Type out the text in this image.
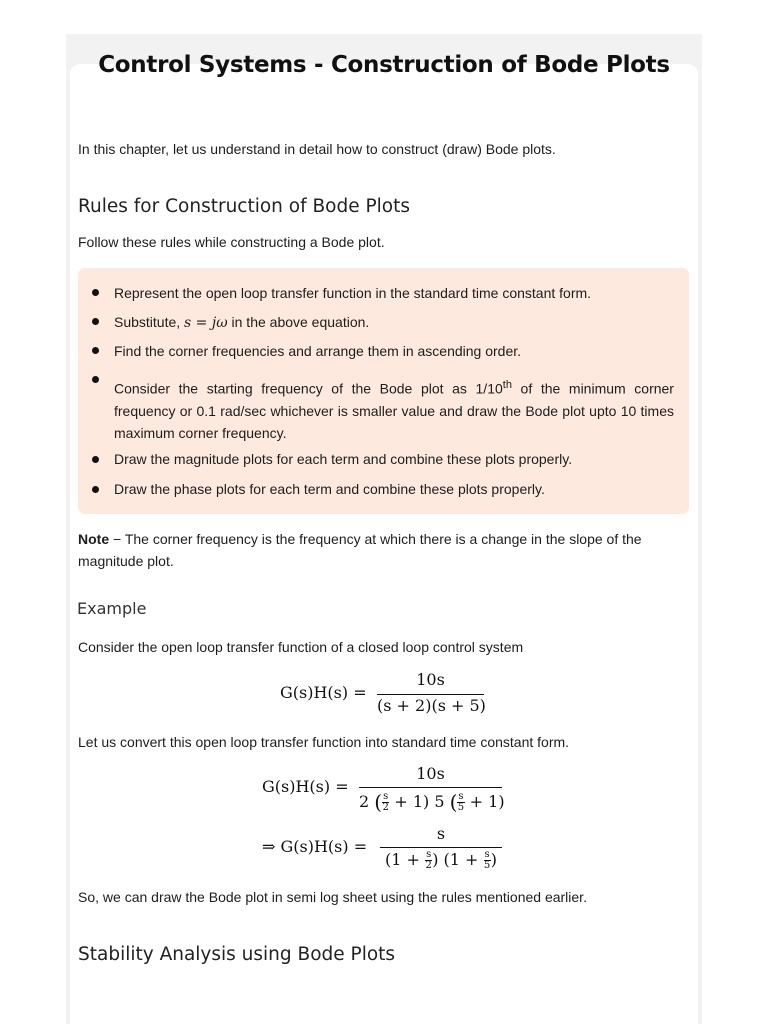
Control Systems - Construction of Bode Plots

In this chapter, let us understand in detail how to construct (draw) Bode plots.

Rules for Construction of Bode Plots

Follow these rules while constructing a Bode plot.

Represent the open loop transfer function in the standard time constant form.
Substitute, s = jω in the above equation.
Find the corner frequencies and arrange them in ascending order.
Consider the starting frequency of the Bode plot as 1/10th of the minimum corner frequency or 0.1 rad/sec whichever is smaller value and draw the Bode plot upto 10 times maximum corner frequency.
Draw the magnitude plots for each term and combine these plots properly.
Draw the phase plots for each term and combine these plots properly.

Note − The corner frequency is the frequency at which there is a change in the slope of the magnitude plot.

Example

Consider the open loop transfer function of a closed loop control system

G(s)H(s) =
10s
(s + 2)(s + 5)

Let us convert this open loop transfer function into standard time constant form.

G(s)H(s) =
10s
2 ( $\frac{s}{2} + 1$) 5 ( $\frac{s}{5} + 1$)
⇒ G(s)H(s) =
s
($1 + \frac{s}{2}$ ) ($1 + \frac{s}{5}$ )

So, we can draw the Bode plot in semi log sheet using the rules mentioned earlier.

Stability Analysis using Bode Plots
